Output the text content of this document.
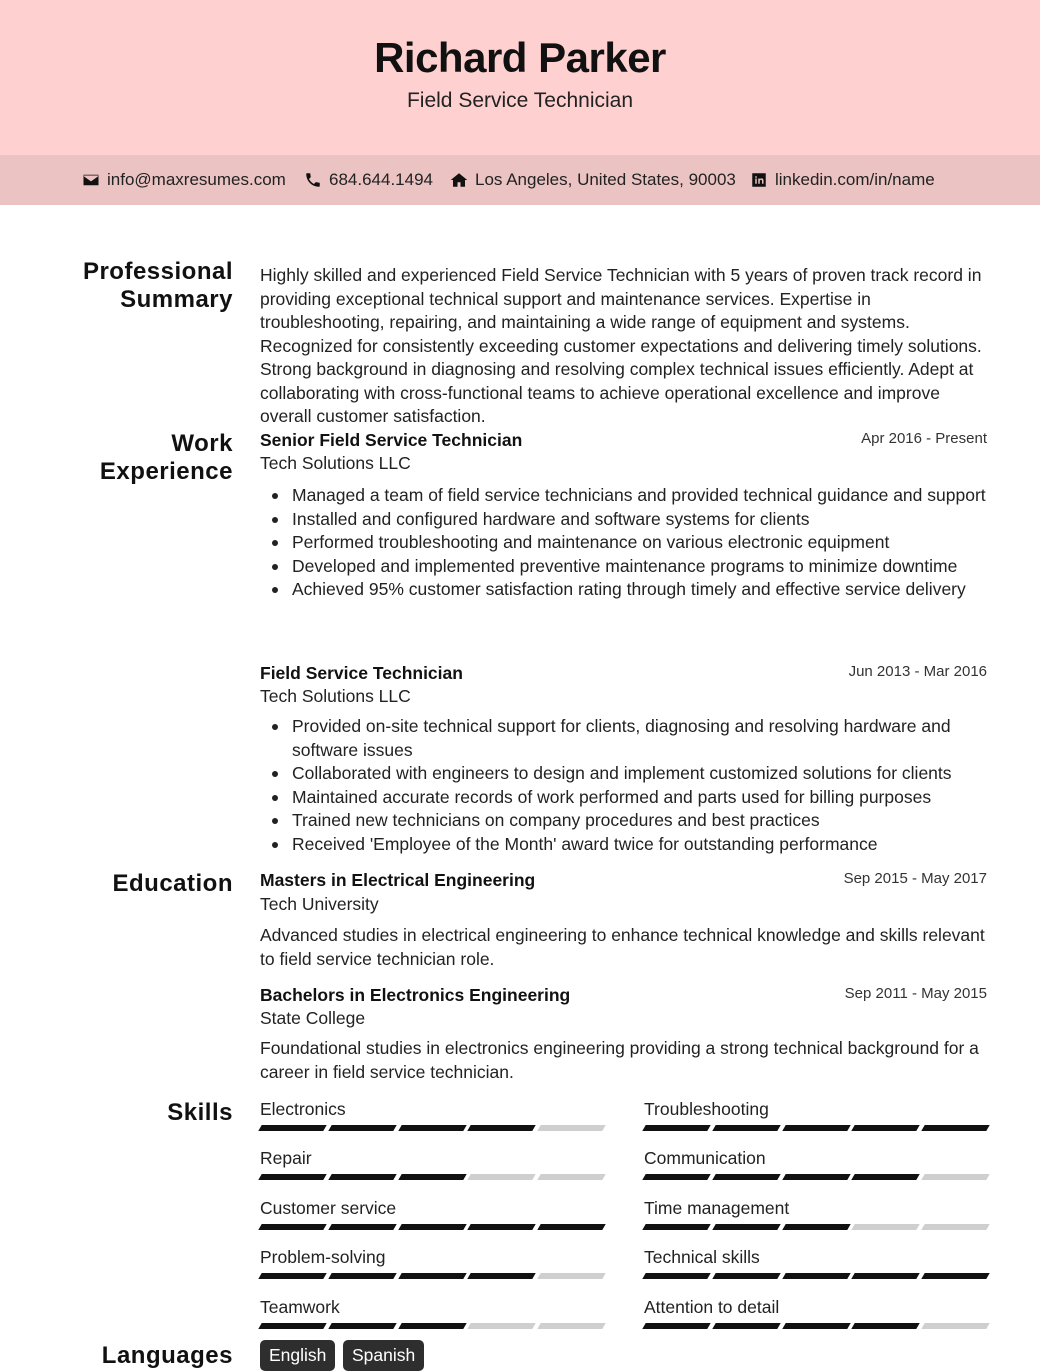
Richard Parker
Field Service Technician
info@maxresumes.com	684.644.1494 Los Angeles, United States, 90003 linkedin.com/in/name
Professional Summary
Highly skilled and experienced Field Service Technician with 5 years of proven track record in providing exceptional technical support and maintenance services. Expertise in troubleshooting, repairing, and maintaining a wide range of equipment and systems. Recognized for consistently exceeding customer expectations and delivering timely solutions. Strong background in diagnosing and resolving complex technical issues efficiently. Adept at collaborating with cross-functional teams to achieve operational excellence and improve overall customer satisfaction.
Work Experience
Senior Field Service Technician	Apr 2016 - Present
Tech Solutions LLC
Managed a team of field service technicians and provided technical guidance and support
Installed and configured hardware and software systems for clients
Performed troubleshooting and maintenance on various electronic equipment
Developed and implemented preventive maintenance programs to minimize downtime
Achieved 95% customer satisfaction rating through timely and effective service delivery
Field Service Technician	Jun 2013 - Mar 2016
Tech Solutions LLC
Provided on-site technical support for clients, diagnosing and resolving hardware and software issues
Collaborated with engineers to design and implement customized solutions for clients
Maintained accurate records of work performed and parts used for billing purposes
Trained new technicians on company procedures and best practices
Received 'Employee of the Month' award twice for outstanding performance
Education Masters in Electrical Engineering	Sep 2015 - May 2017
Tech University
Advanced studies in electrical engineering to enhance technical knowledge and skills relevant to field service technician role.
Bachelors in Electronics Engineering	Sep 2011 - May 2015
State College
Foundational studies in electronics engineering providing a strong technical background for a career in field service technician.
Skills Electronics	Troubleshooting
Repair	Communication
Customer service	Time management
Problem-solving	Technical skills
Teamwork	Attention to detail
Languages	English	Spanish
